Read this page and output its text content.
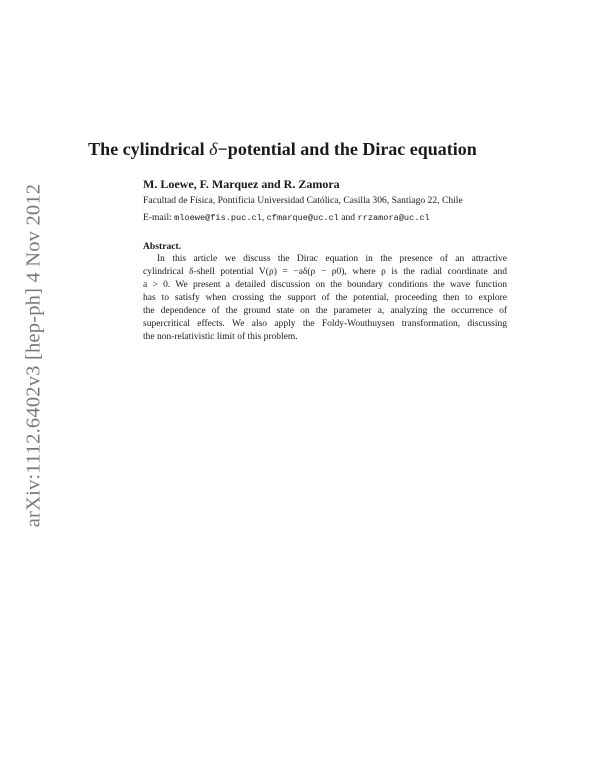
arXiv:1112.6402v3 [hep-ph] 4 Nov 2012
The cylindrical δ−potential and the Dirac equation

M. Loewe, F. Marquez and R. Zamora

Facultad de Física, Pontificia Universidad Católica, Casilla 306, Santiago 22, Chile

E-mail: mloewe@fis.puc.cl, cfmarque@uc.cl and rrzamora@uc.cl

Abstract.

In this article we discuss the Dirac equation in the presence of an attractive
cylindrical δ-shell potential V(ρ) = −aδ(ρ − ρ0), where ρ is the radial coordinate and
a > 0. We present a detailed discussion on the boundary conditions the wave function
has to satisfy when crossing the support of the potential, proceeding then to explore
the dependence of the ground state on the parameter a, analyzing the occurrence of
supercritical effects. We also apply the Foldy-Wouthuysen transformation, discussing
the non-relativistic limit of this problem.
